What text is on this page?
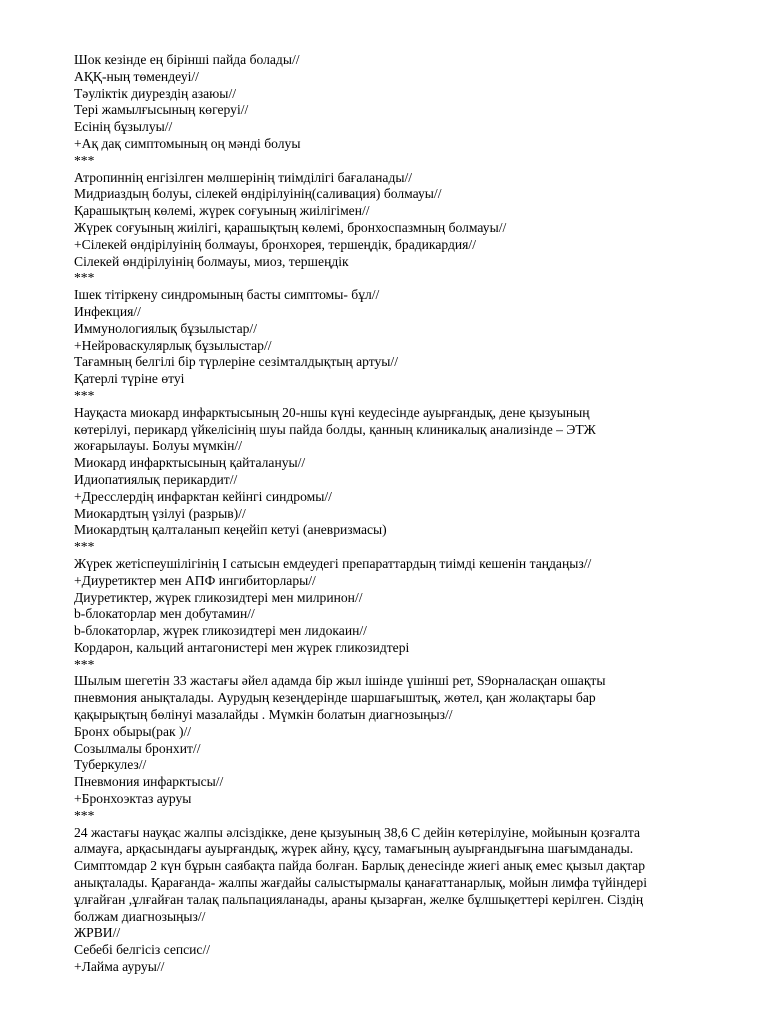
Шок кезінде ең бірінші пайда болады//
АҚҚ-ның төмендеуі//
Тәуліктік диурездің азаюы//
Тері жамылғысының көгеруі//
Есінің бұзылуы//
+Ақ дақ симптомының оң мәнді болуы
***
Атропиннің енгізілген мөлшерінің тиімділігі бағаланады//
Мидриаздың болуы, сілекей өндірілуінің(саливация) болмауы//
Қарашықтың көлемі, жүрек соғуының жиілігімен//
Жүрек соғуының жиілігі, қарашықтың көлемі, бронхоспазмның болмауы//
+Сілекей өндірілуінің болмауы, бронхорея, тершеңдік, брадикардия//
Сілекей өндірілуінің болмауы, миоз, тершеңдік
***
Ішек тітіркену синдромының басты симптомы- бұл//
Инфекция//
Иммунологиялық бұзылыстар//
+Нейроваскулярлық бұзылыстар//
Тағамның белгілі бір түрлеріне сезімталдықтың артуы//
Қатерлі түріне өтуі
***
Науқаста миокард инфарктысының 20-ншы күні кеудесінде ауырғандық, дене қызуының
көтерілуі, перикард үйкелісінің шуы пайда болды, қанның клиникалық анализінде – ЭТЖ
жоғарылауы. Болуы мүмкін//
Миокард инфарктысының қайталануы//
Идиопатиялық перикардит//
+Дресслердің инфарктан кейінгі синдромы//
Миокардтың үзілуі (разрыв)//
Миокардтың қалталанып кеңейіп кетуі (аневризмасы)
***
Жүрек жетіспеушілігінің І сатысын емдеудегі препараттардың тиімді кешенін таңдаңыз//
+Диуретиктер мен АПФ ингибиторлары//
Диуретиктер, жүрек гликозидтері мен милринон//
b-блокаторлар мен добутамин//
b-блокаторлар, жүрек гликозидтері мен лидокаин//
Кордарон, кальций антагонистері мен жүрек гликозидтері
***
Шылым шегетін 33 жастағы әйел адамда бір жыл ішінде үшінші рет, S9орналасқан ошақты
пневмония анықталады. Аурудың кезеңдерінде шаршағыштық, жөтел, қан жолақтары бар
қақырықтың бөлінуі мазалайды . Мүмкін болатын диагнозыңыз//
Бронх обыры(рак )//
Созылмалы бронхит//
Туберкулез//
Пневмония инфарктысы//
+Бронхоэктаз ауруы
***
24 жастағы науқас жалпы әлсіздікке, дене қызуының 38,6 С дейін көтерілуіне, мойынын қозғалта
алмауға, арқасындағы ауырғандық, жүрек айну, құсу, тамағының ауырғандығына шағымданады.
Симптомдар 2 күн бұрын саябақта пайда болған. Барлық денесінде жиегі анық емес қызыл дақтар
анықталады. Қарағанда- жалпы жағдайы салыстырмалы қанағаттанарлық, мойын лимфа түйіндері
ұлғайған ,ұлғайған талақ пальпацияланады, араны қызарған, желке бұлшықеттері керілген. Сіздің
болжам диагнозыңыз//
ЖРВИ//
Себебі белгісіз сепсис//
+Лайма ауруы//
